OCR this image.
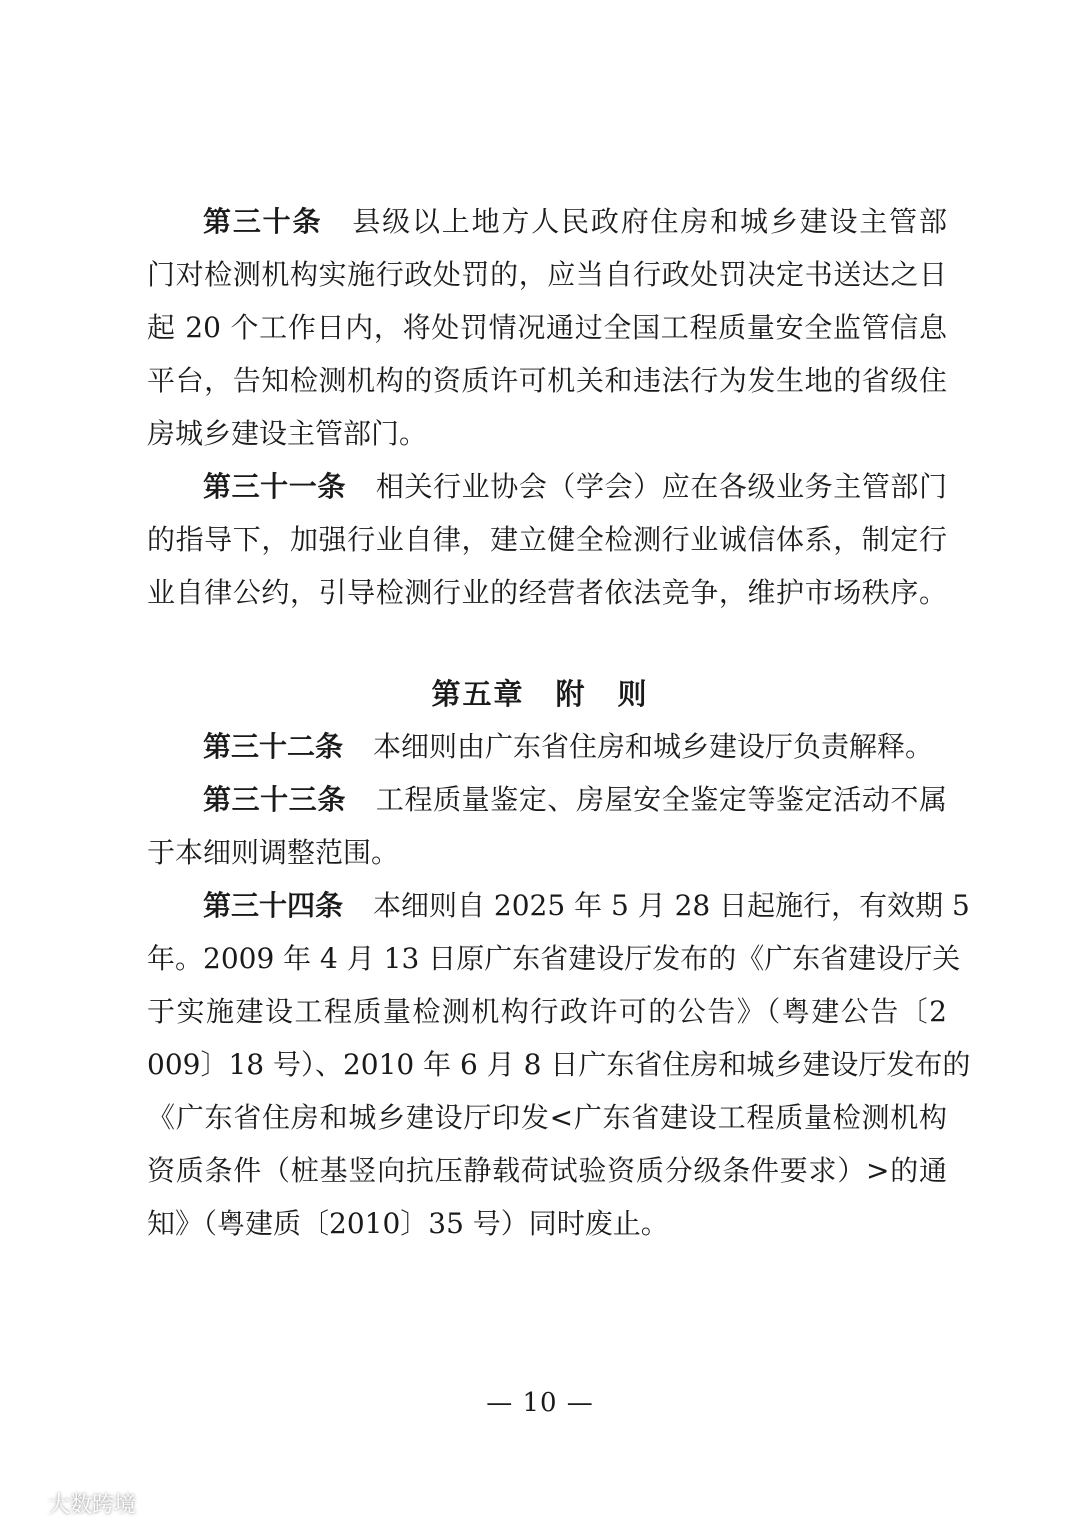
第三十条 县级以上地方人民政府住房和城乡建设主管部
门对检测机构实施行政处罚的，应当自行政处罚决定书送达之日
起 20 个工作日内，将处罚情况通过全国工程质量安全监管信息
平台，告知检测机构的资质许可机关和违法行为发生地的省级住
房城乡建设主管部门。
第三十一条 相关行业协会（学会）应在各级业务主管部门
的指导下，加强行业自律，建立健全检测行业诚信体系，制定行
业自律公约，引导检测行业的经营者依法竞争，维护市场秩序。
第五章　附　则
第三十二条 本细则由广东省住房和城乡建设厅负责解释。
第三十三条 工程质量鉴定、房屋安全鉴定等鉴定活动不属
于本细则调整范围。
第三十四条 本细则自 2025 年 5 月 28 日起施行，有效期 5
年。2009 年 4 月 13 日原广东省建设厅发布的《广东省建设厅关
于实施建设工程质量检测机构行政许可的公告》（粤建公告〔2
009〕18 号）、2010 年 6 月 8 日广东省住房和城乡建设厅发布的
《广东省住房和城乡建设厅印发<广东省建设工程质量检测机构
资质条件（桩基竖向抗压静载荷试验资质分级条件要求）>的通
知》（粤建质〔2010〕35 号）同时废止。
— 10 —
大数跨境
